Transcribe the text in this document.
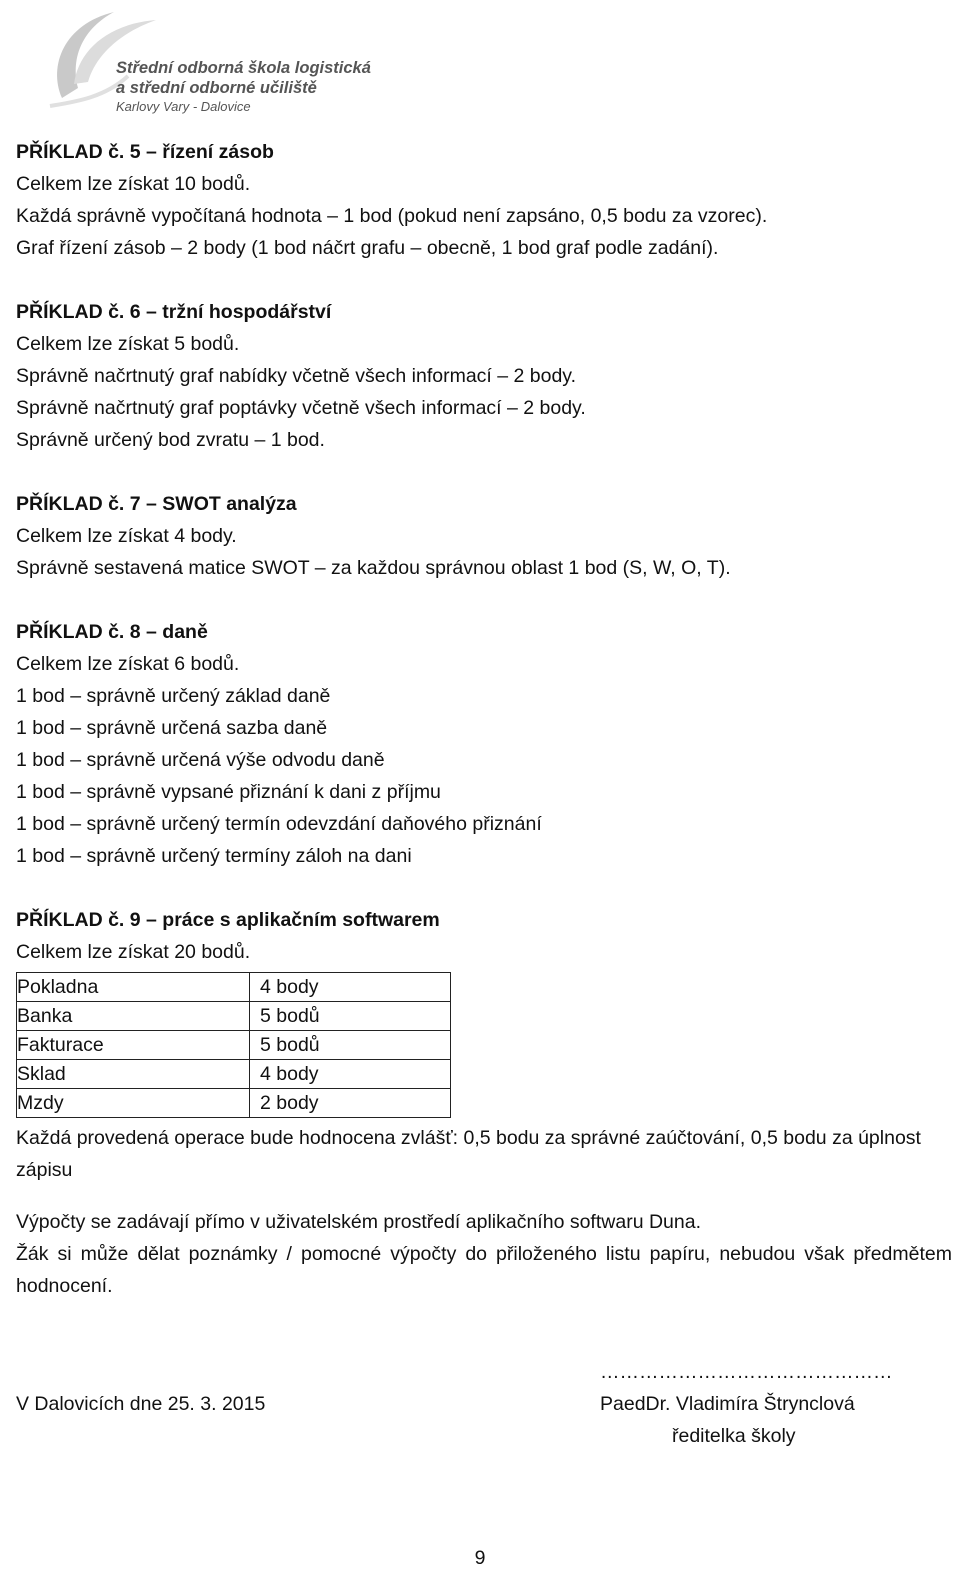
Střední odborná škola logistická
a střední odborné učiliště
Karlovy Vary - Dalovice
PŘÍKLAD č. 5 – řízení zásob
Celkem lze získat 10 bodů.
Každá správně vypočítaná hodnota – 1 bod (pokud není zapsáno, 0,5 bodu za vzorec).
Graf řízení zásob – 2 body (1 bod náčrt grafu – obecně, 1 bod graf podle zadání).
PŘÍKLAD č. 6 – tržní hospodářství
Celkem lze získat 5 bodů.
Správně načrtnutý graf nabídky včetně všech informací – 2 body.
Správně načrtnutý graf poptávky včetně všech informací – 2 body.
Správně určený bod zvratu – 1 bod.
PŘÍKLAD č. 7 – SWOT analýza
Celkem lze získat 4 body.
Správně sestavená matice SWOT – za každou správnou oblast 1 bod (S, W, O, T).
PŘÍKLAD č. 8 – daně
Celkem lze získat 6 bodů.
1 bod – správně určený základ daně
1 bod – správně určená sazba daně
1 bod – správně určená výše odvodu daně
1 bod – správně vypsané přiznání k dani z příjmu
1 bod – správně určený termín odevzdání daňového přiznání
1 bod – správně určený termíny záloh na dani
PŘÍKLAD č. 9 – práce s aplikačním softwarem
Celkem lze získat 20 bodů.
Pokladna	4 body
Banka	5 bodů
Fakturace	5 bodů
Sklad	4 body
Mzdy	2 body
Každá provedená operace bude hodnocena zvlášť: 0,5 bodu za správné zaúčtování, 0,5 bodu za úplnost zápisu
Výpočty se zadávají přímo v uživatelském prostředí aplikačního softwaru Duna.
Žák si může dělat poznámky / pomocné výpočty do přiloženého listu papíru, nebudou však předmětem hodnocení.
V Dalovicích dne 25. 3. 2015
………………………………………
PaedDr. Vladimíra Štrynclová
ředitelka školy
9
